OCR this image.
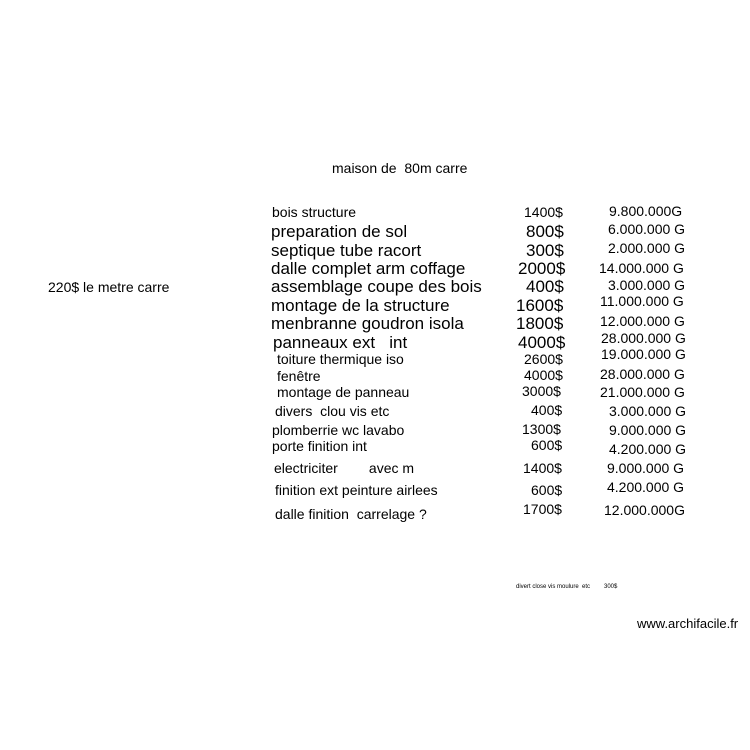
maison de  80m carre
220$ le metre carre
bois structure	1400$	9.800.000G
preparation de sol	800$	6.000.000 G
septique tube racort	300$	2.000.000 G
dalle complet arm coffage	2000$ 14.000.000 G
assemblage coupe des bois	400$	3.000.000 G
montage de la structure	1600$	11.000.000 G
menbranne goudron isola	1800$	12.000.000 G
panneaux ext   int	4000$	28.000.000 G
toiture thermique iso	2600$	19.000.000 G
fenêtre	4000$	28.000.000 G
montage de panneau	3000$	21.000.000 G
divers  clou vis etc	400$	3.000.000 G
plomberrie wc lavabo	1300$	9.000.000 G
porte finition int	600$	4.200.000 G
electriciter        avec m	1400$	9.000.000 G
finition ext peinture airlees	600$	4.200.000 G
dalle finition  carrelage ?	1700$	12.000.000G
divert close vis moulure  etc 300$
www.archifacile.fr
